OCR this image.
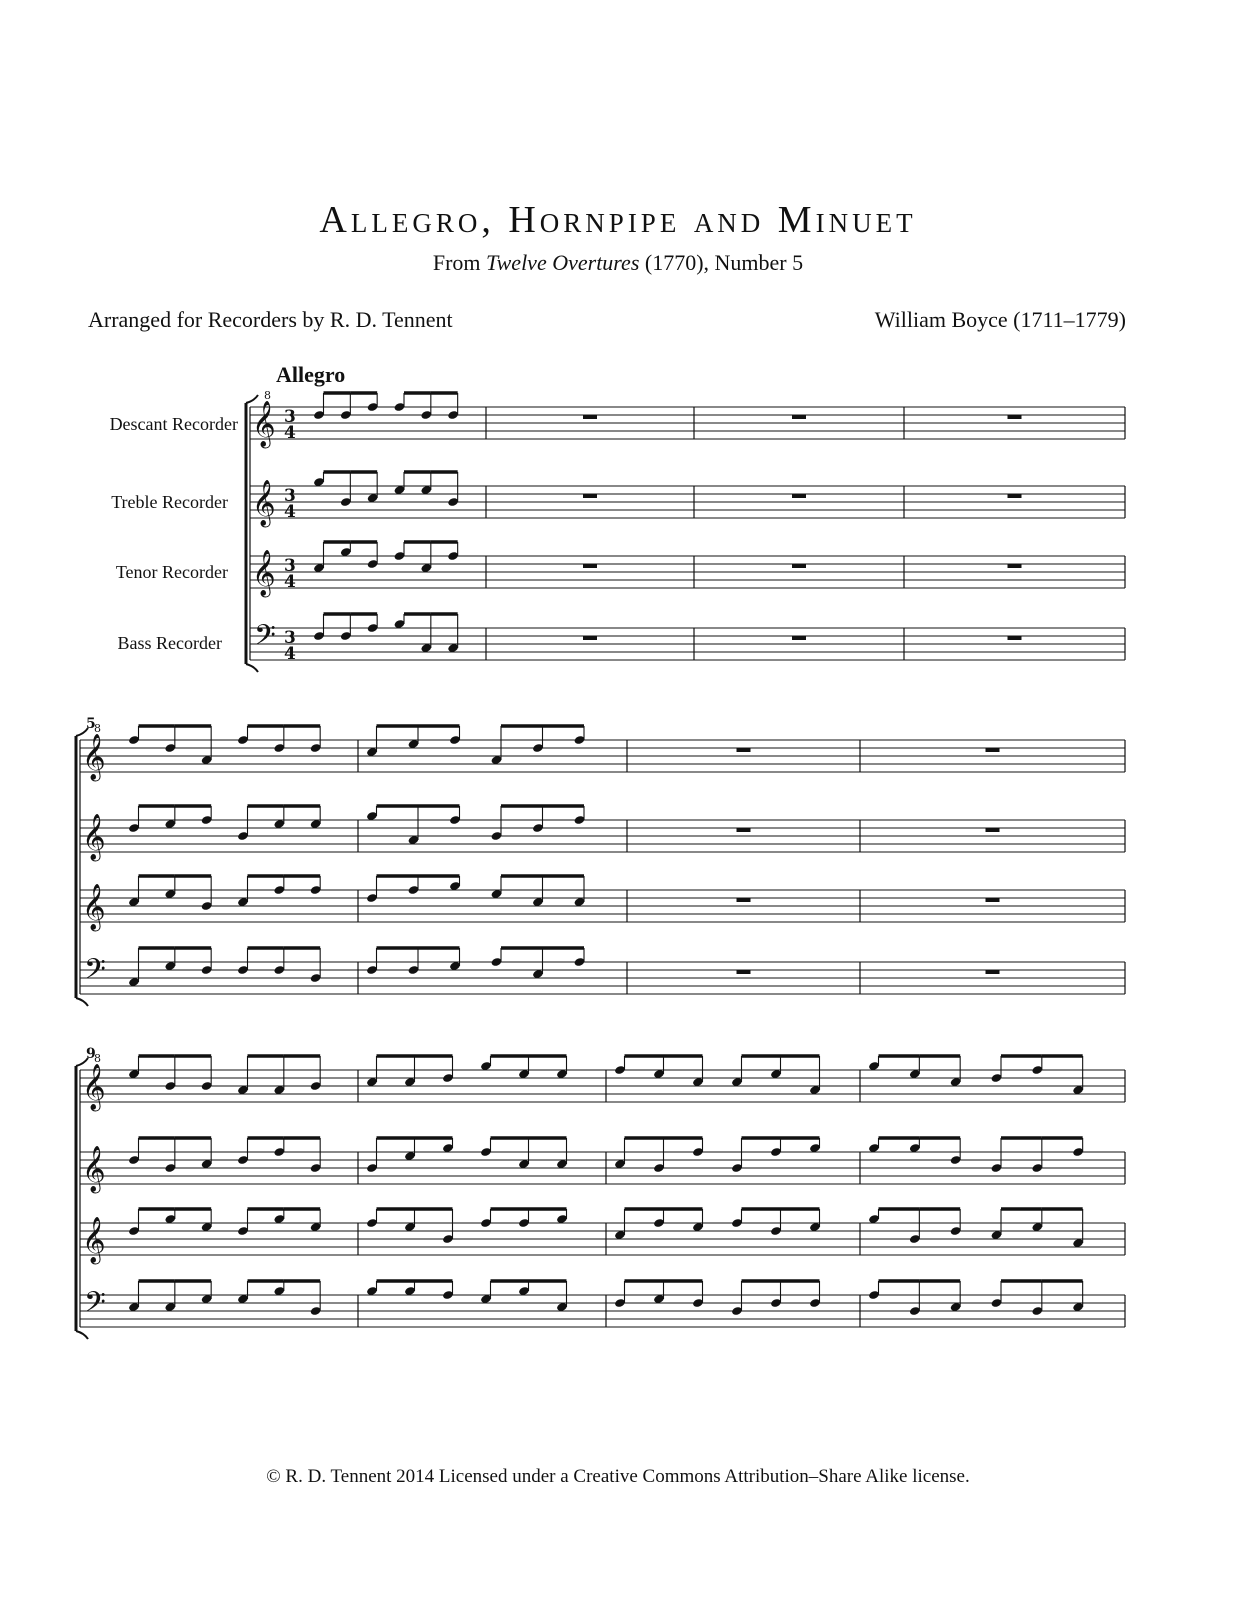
Allegro, Hornpipe and Minuet
From Twelve Overtures (1770), Number 5
Arranged for Recorders by R. D. Tennent	William Boyce (1711–1779)
Allegro
Descant Recorder
Treble Recorder
Tenor Recorder
Bass Recorder
𝄞
8
3
4
𝄞 3
4
𝄞 3
4
𝄢 3
4
𝄞
8
𝄞
𝄞
𝄢
5
𝄞
8
𝄞
𝄞
𝄢
9
© R. D. Tennent 2014 Licensed under a Creative Commons Attribution–Share Alike license.
